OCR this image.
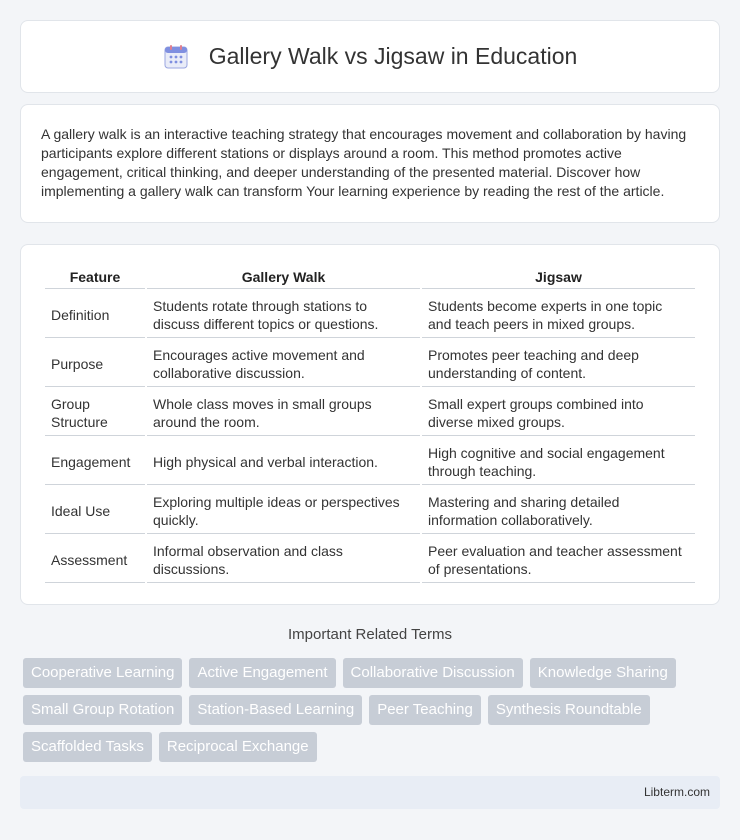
Gallery Walk vs Jigsaw in Education

A gallery walk is an interactive teaching strategy that encourages movement and collaboration by having participants explore different stations or displays around a room. This method promotes active engagement, critical thinking, and deeper understanding of the presented material. Discover how implementing a gallery walk can transform Your learning experience by reading the rest of the article.

Feature	Gallery Walk	Jigsaw
Definition	Students rotate through stations to discuss different topics or questions.	Students become experts in one topic and teach peers in mixed groups.
Purpose	Encourages active movement and collaborative discussion.	Promotes peer teaching and deep understanding of content.
Group Structure	Whole class moves in small groups around the room.	Small expert groups combined into diverse mixed groups.
Engagement	High physical and verbal interaction.	High cognitive and social engagement through teaching.
Ideal Use	Exploring multiple ideas or perspectives quickly.	Mastering and sharing detailed information collaboratively.
Assessment	Informal observation and class discussions.	Peer evaluation and teacher assessment of presentations.
Important Related Terms
Cooperative Learning	Active Engagement	Collaborative Discussion	Knowledge Sharing
Small Group Rotation	Station-Based Learning	Peer Teaching	Synthesis Roundtable
Scaffolded Tasks	Reciprocal Exchange
Libterm.com
